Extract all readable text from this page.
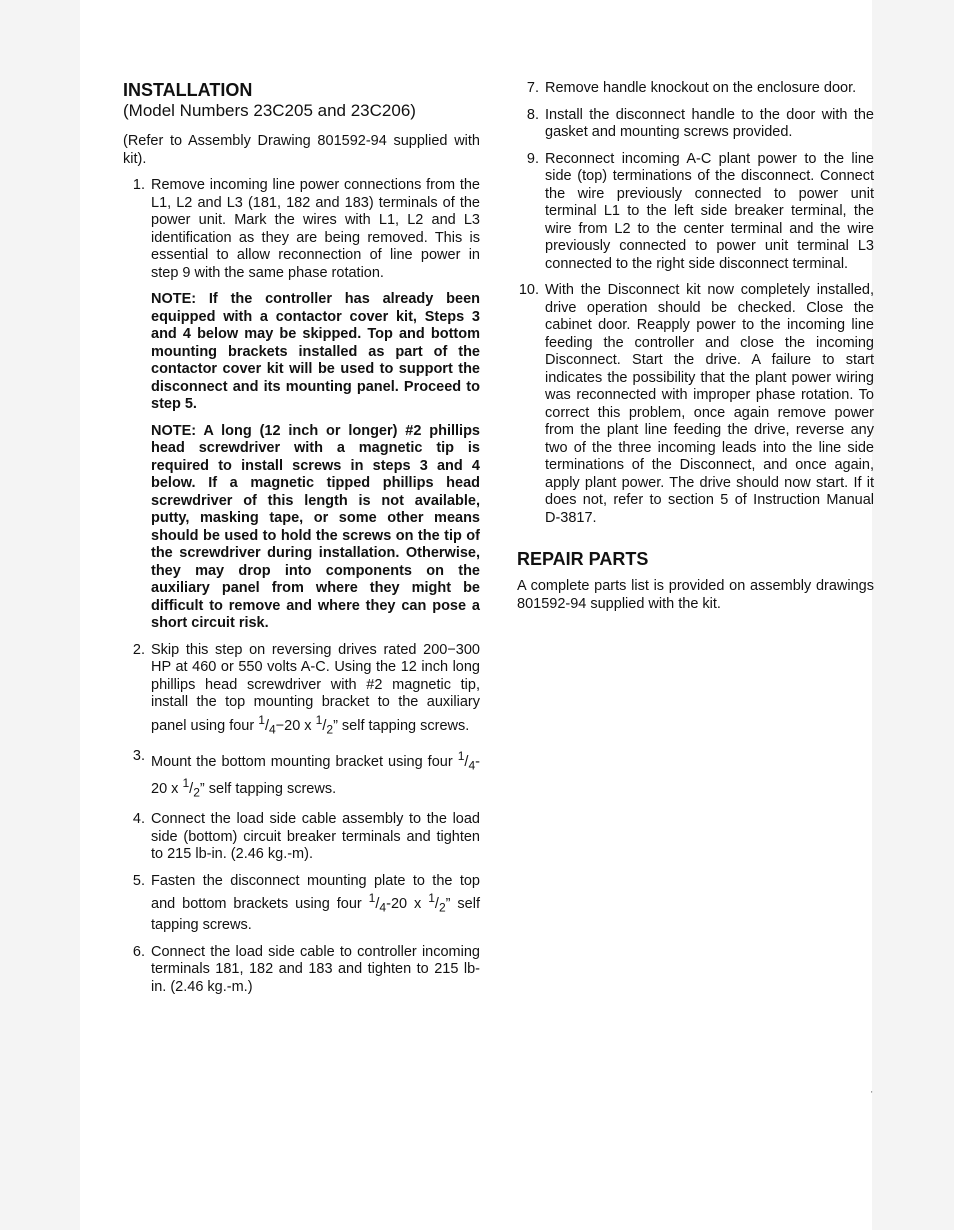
INSTALLATION
(Model Numbers 23C205 and 23C206)

(Refer to Assembly Drawing 801592-94 supplied with kit).

1. Remove incoming line power connections from the L1, L2 and L3 (181, 182 and 183) terminals of the power unit. Mark the wires with L1, L2 and L3 identification as they are being removed. This is essential to allow reconnection of line power in step 9 with the same phase rotation.

NOTE: If the controller has already been equipped with a contactor cover kit, Steps 3 and 4 below may be skipped. Top and bottom mounting brackets installed as part of the contactor cover kit will be used to support the disconnect and its mounting panel. Proceed to step 5.

NOTE: A long (12 inch or longer) #2 phillips head screwdriver with a magnetic tip is required to install screws in steps 3 and 4 below. If a magnetic tipped phillips head screwdriver of this length is not available, putty, masking tape, or some other means should be used to hold the screws on the tip of the screwdriver during installation. Otherwise, they may drop into components on the auxiliary panel from where they might be difficult to remove and where they can pose a short circuit risk.

2. Skip this step on reversing drives rated 200−300 HP at 460 or 550 volts A-C. Using the 12 inch long phillips head screwdriver with #2 magnetic tip, install the top mounting bracket to the auxiliary panel using four $^1/_4-20$ x $^1/_2$” self tapping screws.
3. Mount the bottom mounting bracket using four $^1/_4-20$ x $^1/_2$” self tapping screws.
4. Connect the load side cable assembly to the load side (bottom) circuit breaker terminals and tighten to 215 lb-in. (2.46 kg.-m).
5. Fasten the disconnect mounting plate to the top and bottom brackets using four $^1/_4-20$ x $^1/_2$” self tapping screws.
6. Connect the load side cable to controller incoming terminals 181, 182 and 183 and tighten to 215 lb-in. (2.46 kg.-m.)
7. Remove handle knockout on the enclosure door.
8. Install the disconnect handle to the door with the gasket and mounting screws provided.
9. Reconnect incoming A-C plant power to the line side (top) terminations of the disconnect. Connect the wire previously connected to power unit terminal L1 to the left side breaker terminal, the wire from L2 to the center terminal and the wire previously connected to power unit terminal L3 connected to the right side disconnect terminal.
10. With the Disconnect kit now completely installed, drive operation should be checked. Close the cabinet door. Reapply power to the incoming line feeding the controller and close the incoming Disconnect. Start the drive. A failure to start indicates the possibility that the plant power wiring was reconnected with improper phase rotation. To correct this problem, once again remove power from the plant line feeding the drive, reverse any two of the three incoming leads into the line side terminations of the Disconnect, and once again, apply plant power. The drive should now start. If it does not, refer to section 5 of Instruction Manual D-3817.
REPAIR PARTS

A complete parts list is provided on assembly drawings 801592-94 supplied with the kit.

'
